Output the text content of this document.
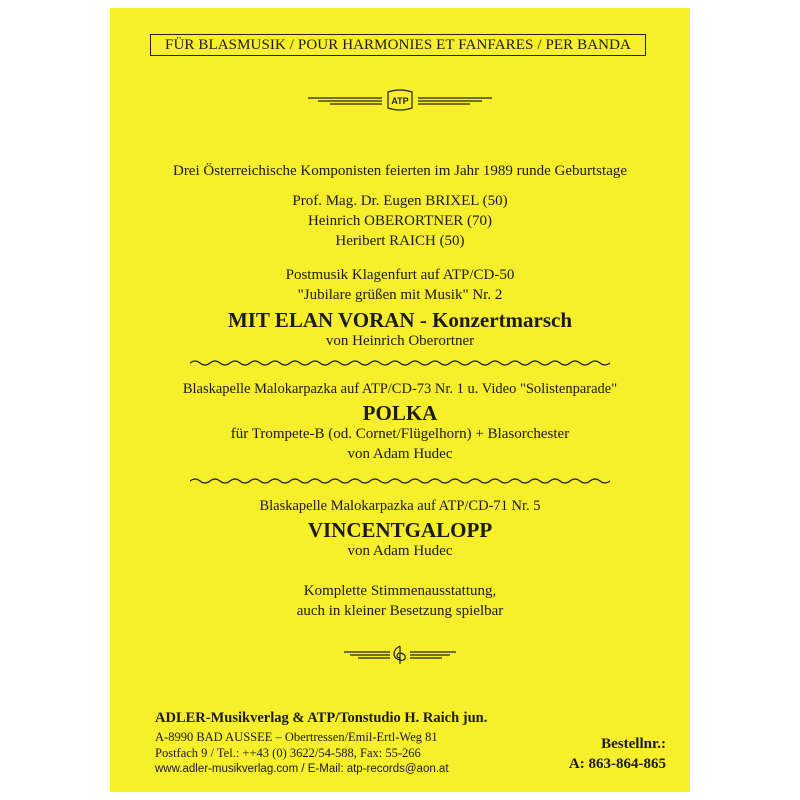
FÜR BLASMUSIK / POUR HARMONIES ET FANFARES / PER BANDA
ATP
Drei Österreichische Komponisten feierten im Jahr 1989 runde Geburtstage
Prof. Mag. Dr. Eugen BRIXEL (50)
Heinrich OBERORTNER (70)
Heribert RAICH (50)
Postmusik Klagenfurt auf ATP/CD-50
"Jubilare grüßen mit Musik" Nr. 2
MIT ELAN VORAN - Konzertmarsch
von Heinrich Oberortner
Blaskapelle Malokarpazka auf ATP/CD-73 Nr. 1 u. Video "Solistenparade"
POLKA
für Trompete-B (od. Cornet/Flügelhorn) + Blasorchester
von Adam Hudec
Blaskapelle Malokarpazka auf ATP/CD-71 Nr. 5
VINCENTGALOPP
von Adam Hudec
Komplette Stimmenausstattung,
auch in kleiner Besetzung spielbar
ADLER-Musikverlag & ATP/Tonstudio H. Raich jun.
A-8990 BAD AUSSEE – Obertressen/Emil-Ertl-Weg 81
Postfach 9 / Tel.: ++43 (0) 3622/54-588, Fax: 55-266
www.adler-musikverlag.com / E-Mail: atp-records@aon.at
Bestellnr.:
A: 863-864-865
